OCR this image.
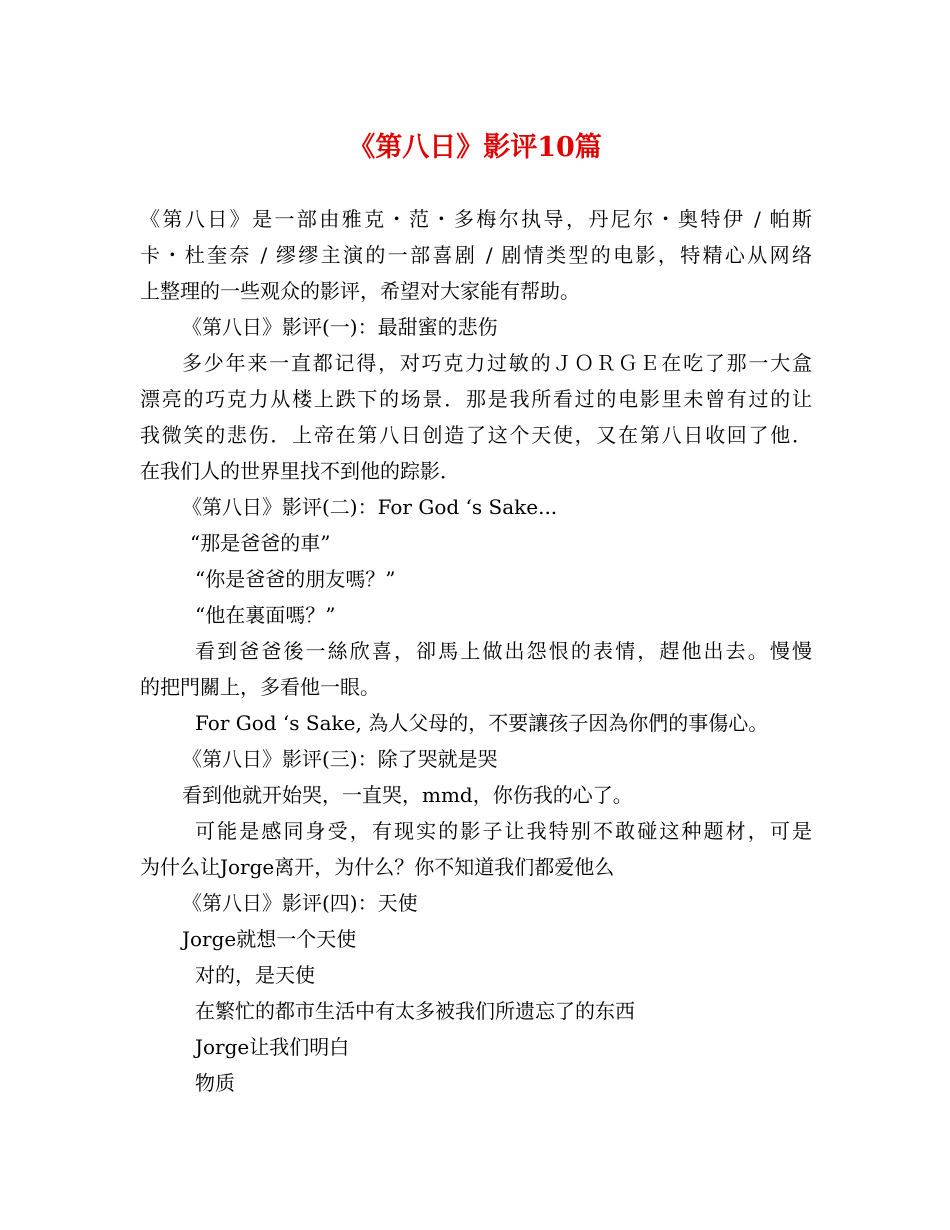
《第八日》影评10篇
《第八日》是一部由雅克・范・多梅尔执导，丹尼尔・奥特伊 / 帕斯
卡・杜奎奈 / 缪缪主演的一部喜剧 / 剧情类型的电影，特精心从网络
上整理的一些观众的影评，希望对大家能有帮助。
《第八日》影评(一)：最甜蜜的悲伤
多少年来一直都记得，对巧克力过敏的ＪＯＲＧＥ在吃了那一大盒
漂亮的巧克力从楼上跌下的场景．那是我所看过的电影里未曾有过的让
我微笑的悲伤．上帝在第八日创造了这个天使，又在第八日收回了他．
在我们人的世界里找不到他的踪影．
《第八日》影评(二)：For God ‘s Sake...
“那是爸爸的車”
“你是爸爸的朋友嗎？”
“他在裏面嗎？”
看到爸爸後一絲欣喜，卻馬上做出怨恨的表情，趕他出去。慢慢
的把門關上，多看他一眼。
For God ‘s Sake, 為人父母的，不要讓孩子因為你們的事傷心。
《第八日》影评(三)：除了哭就是哭
看到他就开始哭，一直哭，mmd，你伤我的心了。
可能是感同身受，有现实的影子让我特别不敢碰这种题材，可是
为什么让Jorge离开，为什么？你不知道我们都爱他么
《第八日》影评(四)：天使
Jorge就想一个天使
对的，是天使
在繁忙的都市生活中有太多被我们所遗忘了的东西
Jorge让我们明白
物质
